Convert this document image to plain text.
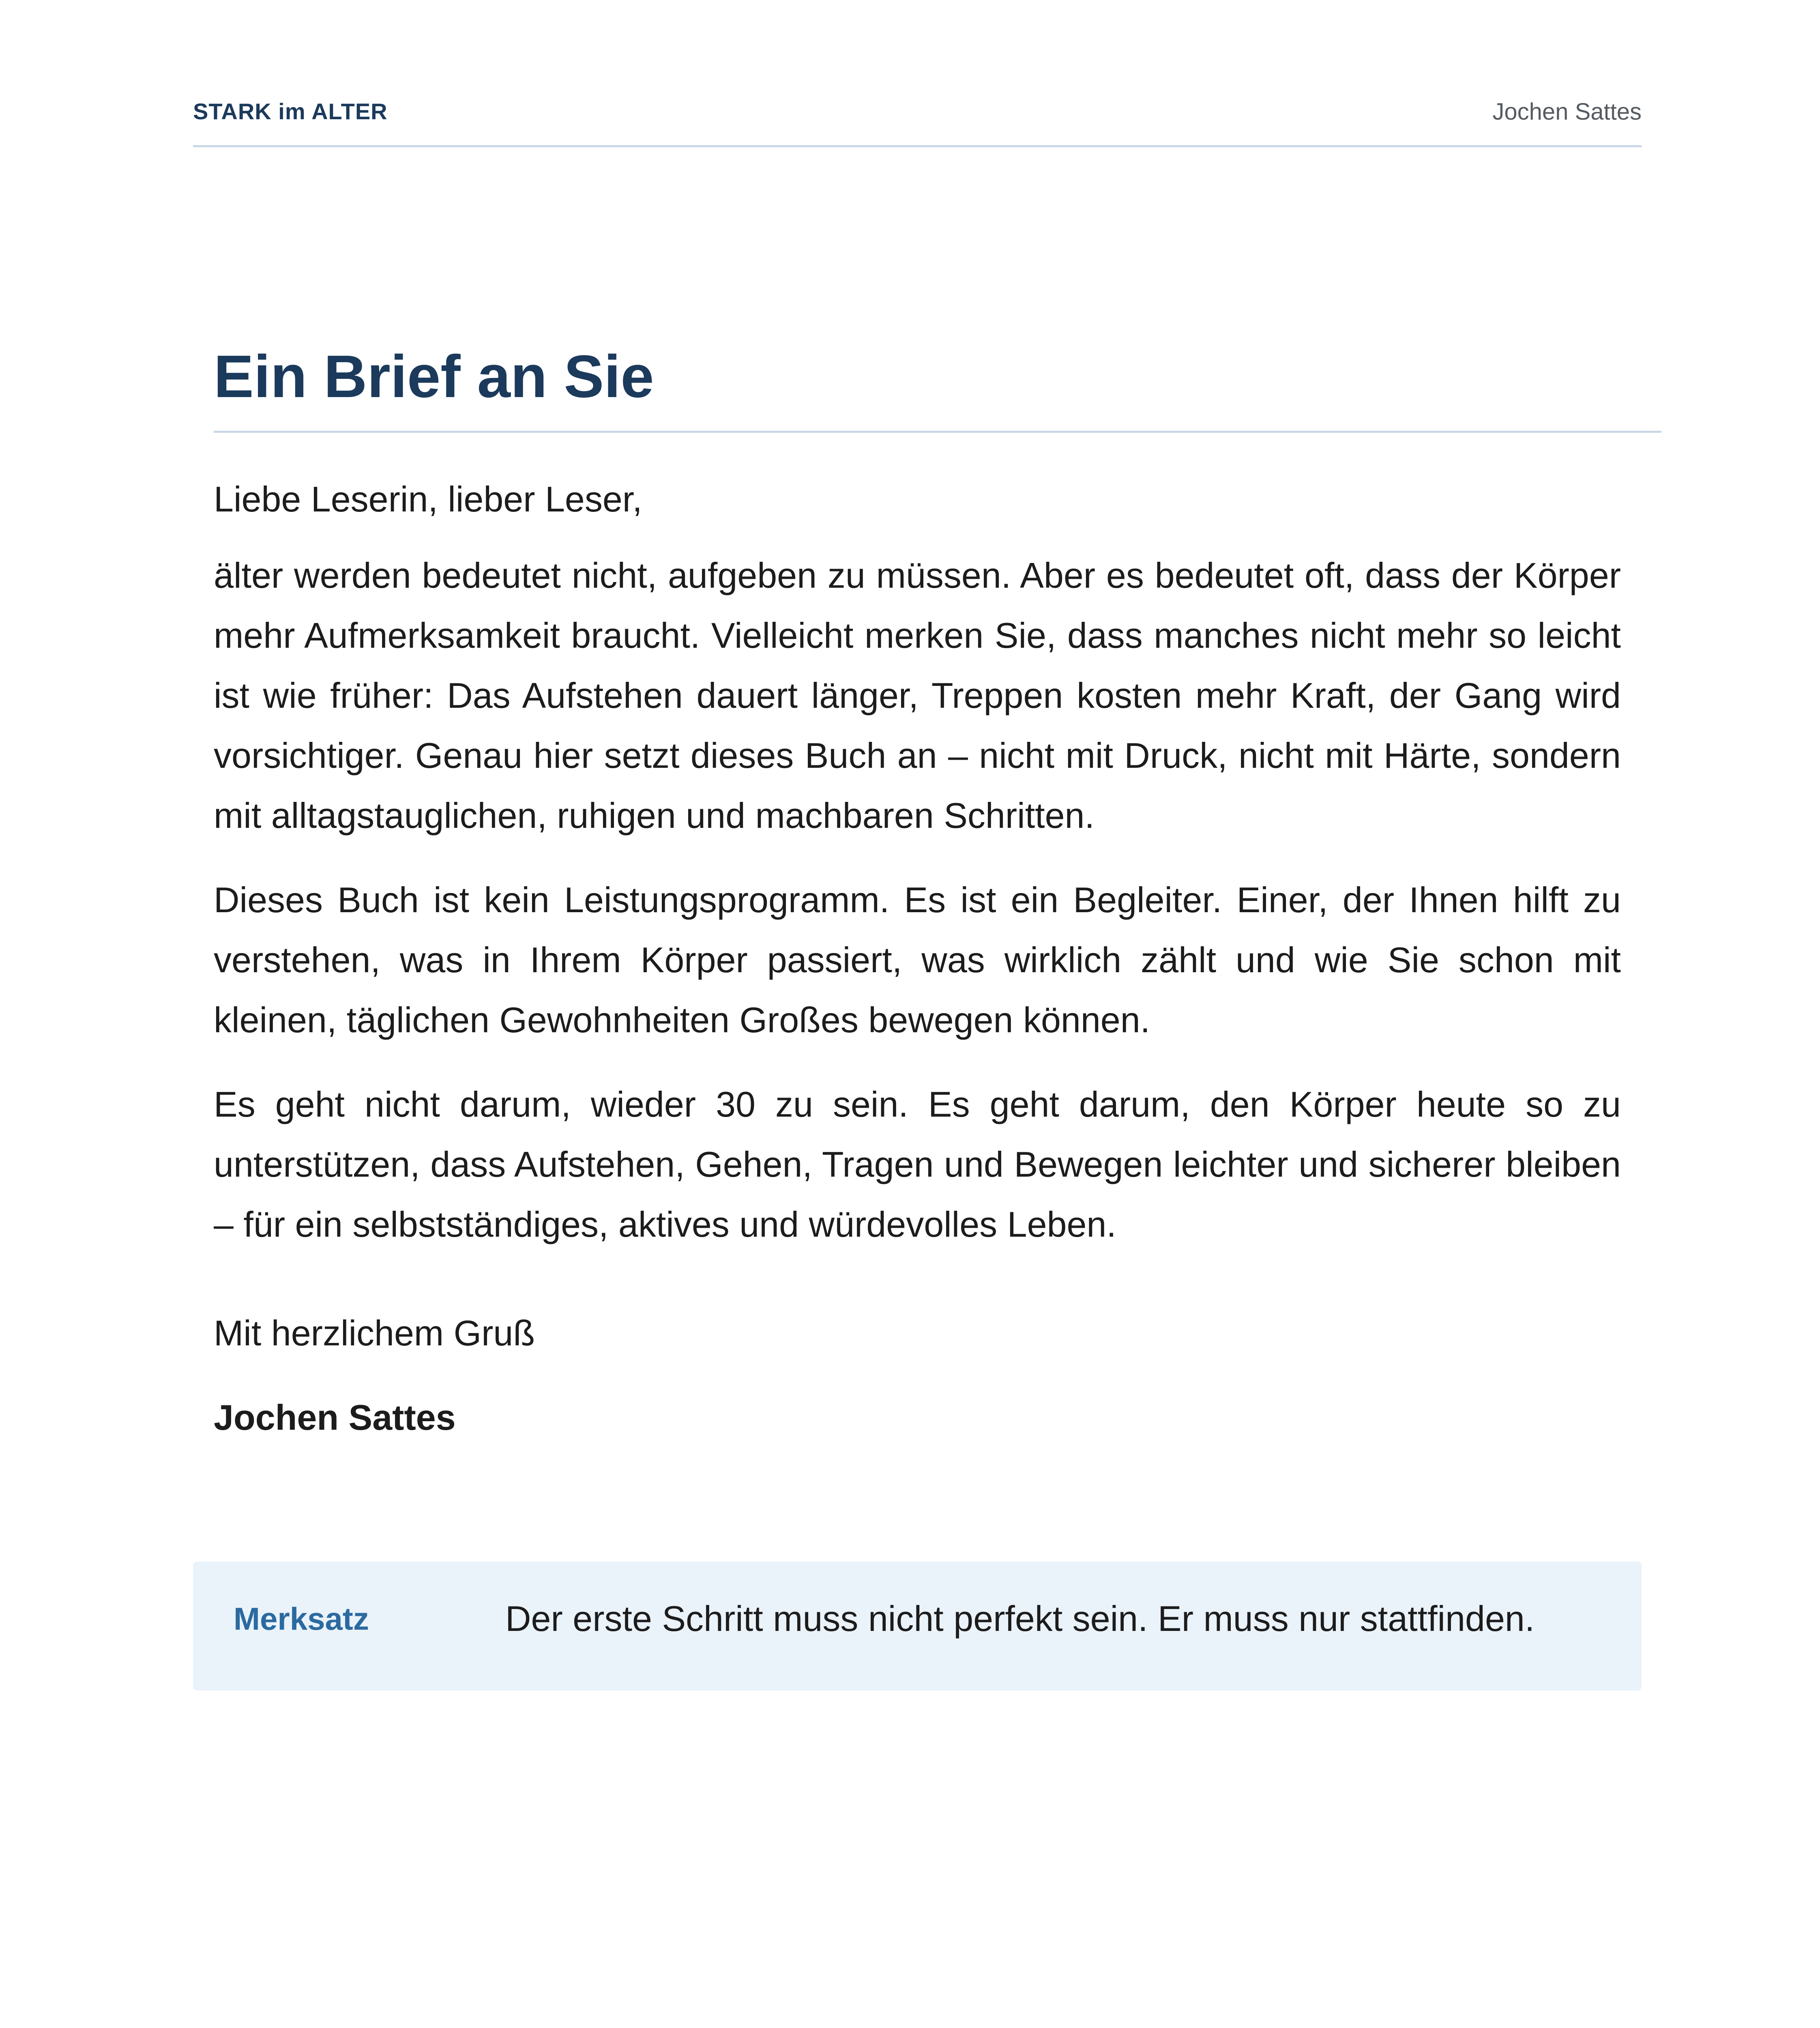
STARK im ALTER	Jochen Sattes
Ein Brief an Sie

Liebe Leserin, lieber Leser,

älter werden bedeutet nicht, aufgeben zu müssen. Aber es bedeutet oft, dass der Körper mehr Aufmerksamkeit braucht. Vielleicht merken Sie, dass manches nicht mehr so leicht ist wie früher: Das Aufstehen dauert länger, Treppen kosten mehr Kraft, der Gang wird vorsichtiger. Genau hier setzt dieses Buch an – nicht mit Druck, nicht mit Härte, sondern mit alltagstauglichen, ruhigen und machbaren Schritten.

Dieses Buch ist kein Leistungsprogramm. Es ist ein Begleiter. Einer, der Ihnen hilft zu verstehen, was in Ihrem Körper passiert, was wirklich zählt und wie Sie schon mit kleinen, täglichen Gewohnheiten Großes bewegen können.

Es geht nicht darum, wieder 30 zu sein. Es geht darum, den Körper heute so zu unterstützen, dass Aufstehen, Gehen, Tragen und Bewegen leichter und sicherer bleiben – für ein selbstständiges, aktives und würdevolles Leben.

Mit herzlichem Gruß

Jochen Sattes

Merksatz	Der erste Schritt muss nicht perfekt sein. Er muss nur stattfinden.
